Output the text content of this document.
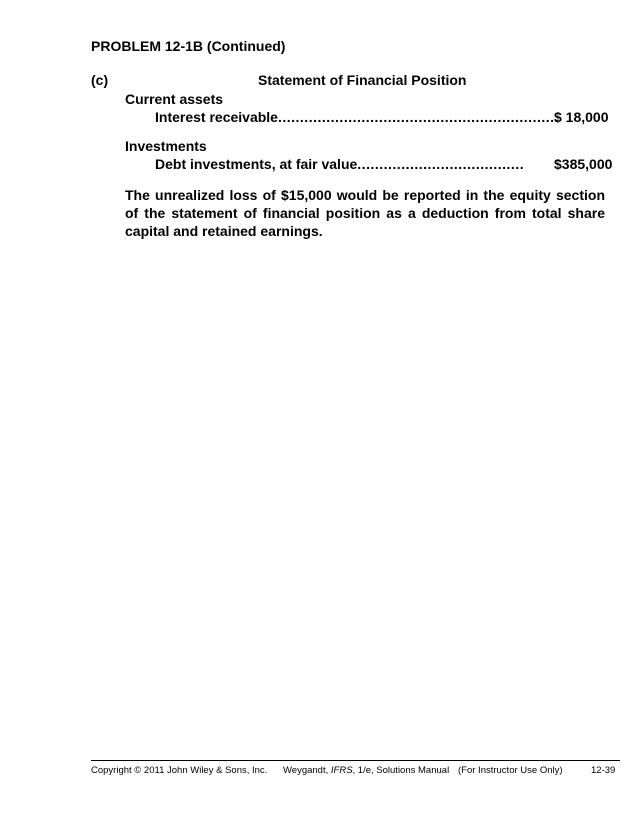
PROBLEM 12-1B (Continued)
(c)	Statement of Financial Position
Current assets
Interest receivable ................................................................
$ 18,000
Investments
Debt investments, at fair value ...................................... $385,000
The unrealized loss of $15,000 would be reported in the equity section of the statement of financial position as a deduction from total share capital and retained earnings.
Copyright © 2011 John Wiley & Sons, Inc. Weygandt, IFRS, 1/e, Solutions Manual (For Instructor Use Only)	12-39
